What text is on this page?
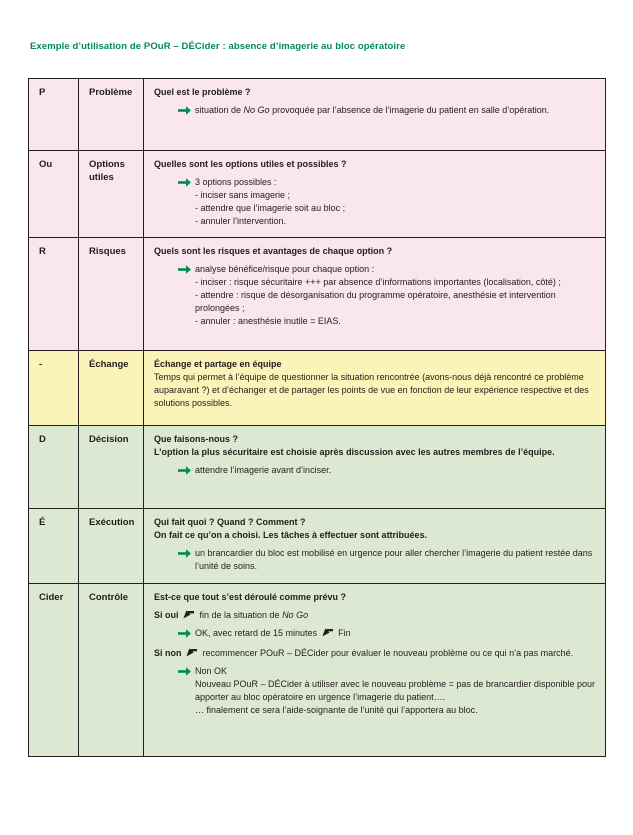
Exemple d’utilisation de POuR – DÉCider : absence d’imagerie au bloc opératoire
P	Problème	Quel est le problème ?
situation de No Go provoquée par l’absence de l’imagerie du patient en salle d’opération.
Ou	Options utiles
Quelles sont les options utiles et possibles ?
3 options possibles :
- inciser sans imagerie ;
- attendre que l’imagerie soit au bloc ;
- annuler l’intervention.
R	Risques	Quels sont les risques et avantages de chaque option ?
analyse bénéfice/risque pour chaque option :
- inciser : risque sécuritaire +++ par absence d’informations importantes (localisation, côté) ;
- attendre : risque de désorganisation du programme opératoire, anesthésie et intervention prolongées ;
- annuler : anesthésie inutile = EIAS.
-	Échange	Échange et partage en équipe
Temps qui permet à l’équipe de questionner la situation rencontrée (avons-nous déjà rencontré ce problème auparavant ?) et d’échanger et de partager les points de vue en fonction de leur expérience respective et des solutions possibles.
D	Décision	Que faisons-nous ?
L’option la plus sécuritaire est choisie après discussion avec les autres membres de l’équipe.
attendre l’imagerie avant d’inciser.
É	Exécution	Qui fait quoi ? Quand ? Comment ?
On fait ce qu’on a choisi. Les tâches à effectuer sont attribuées.
un brancardier du bloc est mobilisé en urgence pour aller chercher l’imagerie du patient restée dans l’unité de soins.
Cider	Contrôle	Est-ce que tout s’est déroulé comme prévu ?
Si oui  fin de la situation de No Go
OK, avec retard de 15 minutes  Fin
Si non  recommencer POuR – DÉCider pour évaluer le nouveau problème ou ce qui n’a pas marché.
Non OK
Nouveau POuR – DÉCider à utiliser avec le nouveau problème = pas de brancardier disponible pour apporter au bloc opératoire en urgence l’imagerie du patient….
… finalement ce sera l’aide-soignante de l’unité qui l’apportera au bloc.
